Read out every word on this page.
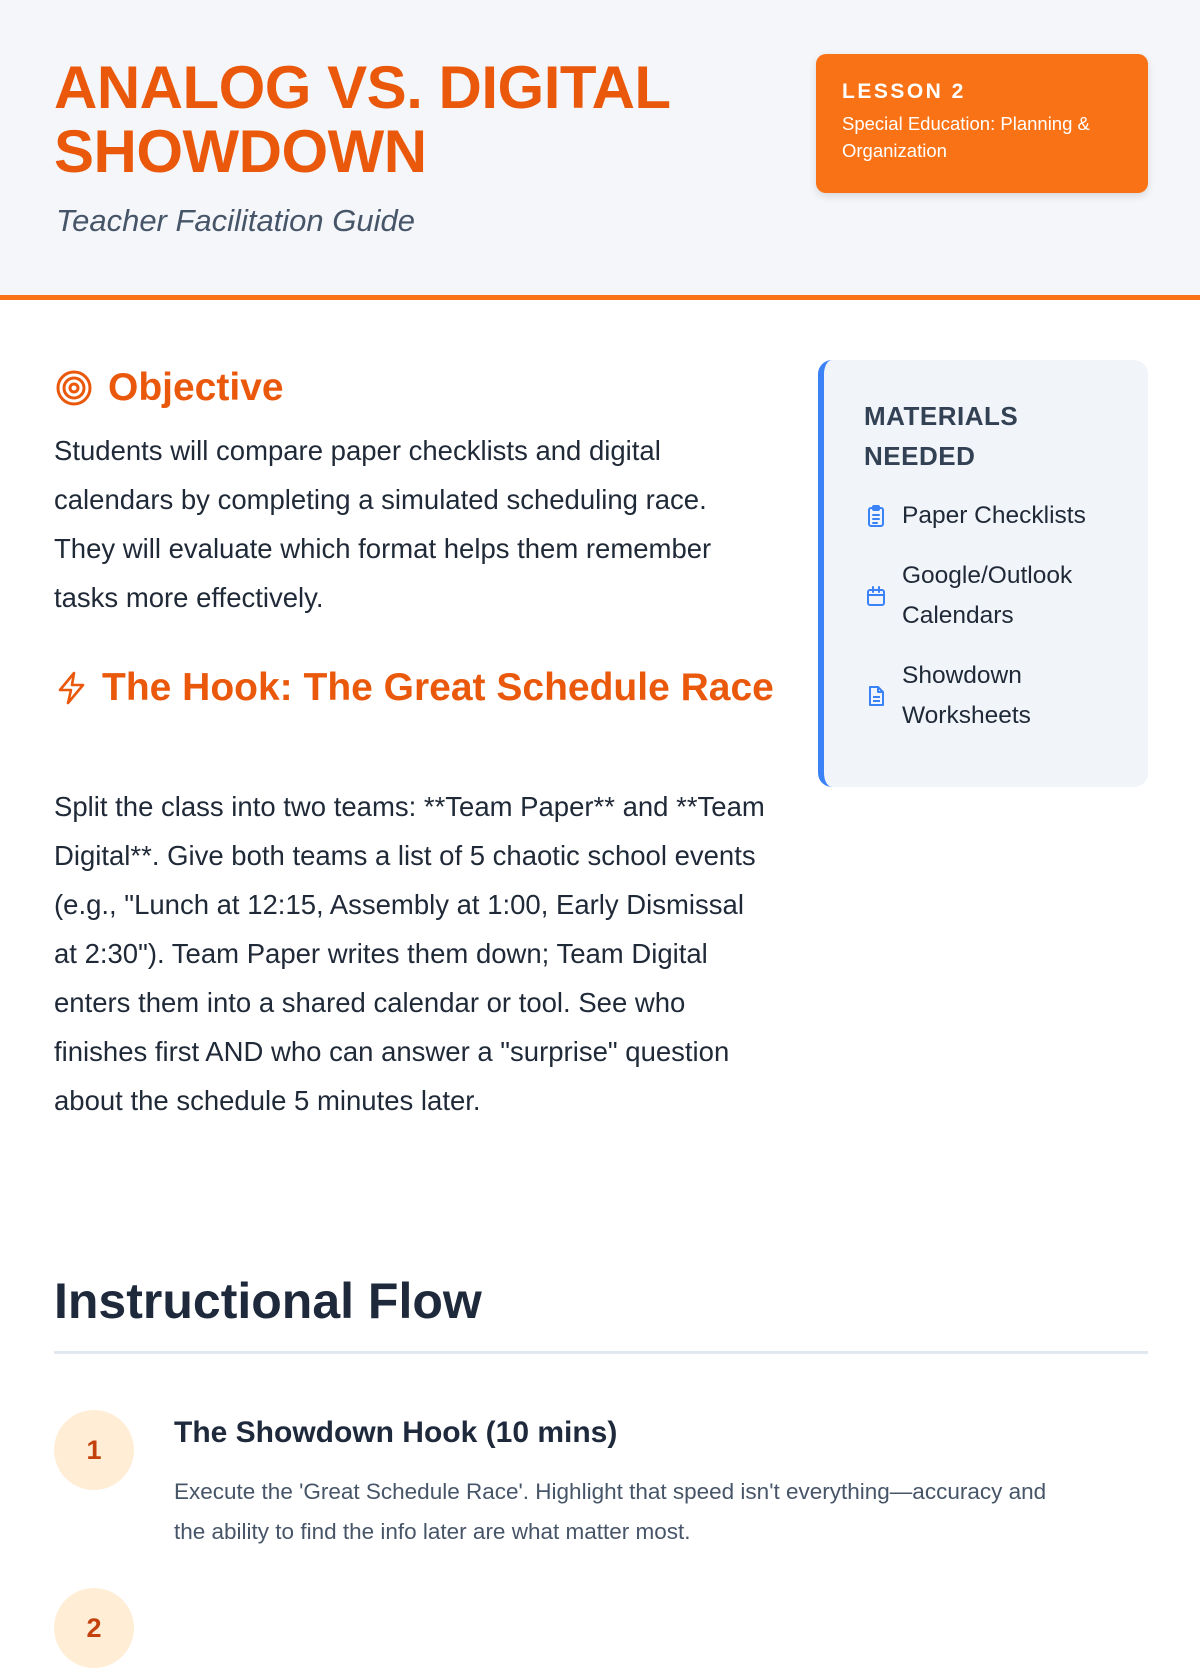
ANALOG VS. DIGITAL SHOWDOWN
Teacher Facilitation Guide
LESSON 2
Special Education: Planning & Organization
Objective

Students will compare paper checklists and digital calendars by completing a simulated scheduling race. They will evaluate which format helps them remember tasks more effectively.

The Hook: The Great Schedule Race

Split the class into two teams: **Team Paper** and **Team Digital**. Give both teams a list of 5 chaotic school events (e.g., "Lunch at 12:15, Assembly at 1:00, Early Dismissal at 2:30"). Team Paper writes them down; Team Digital enters them into a shared calendar or tool. See who finishes first AND who can answer a "surprise" question about the schedule 5 minutes later.

MATERIALS NEEDED
Paper Checklists
Google/Outlook Calendars
Showdown Worksheets
Instructional Flow
1
The Showdown Hook (10 mins)
Execute the 'Great Schedule Race'. Highlight that speed isn't everything—accuracy and the ability to find the info later are what matter most.
2
